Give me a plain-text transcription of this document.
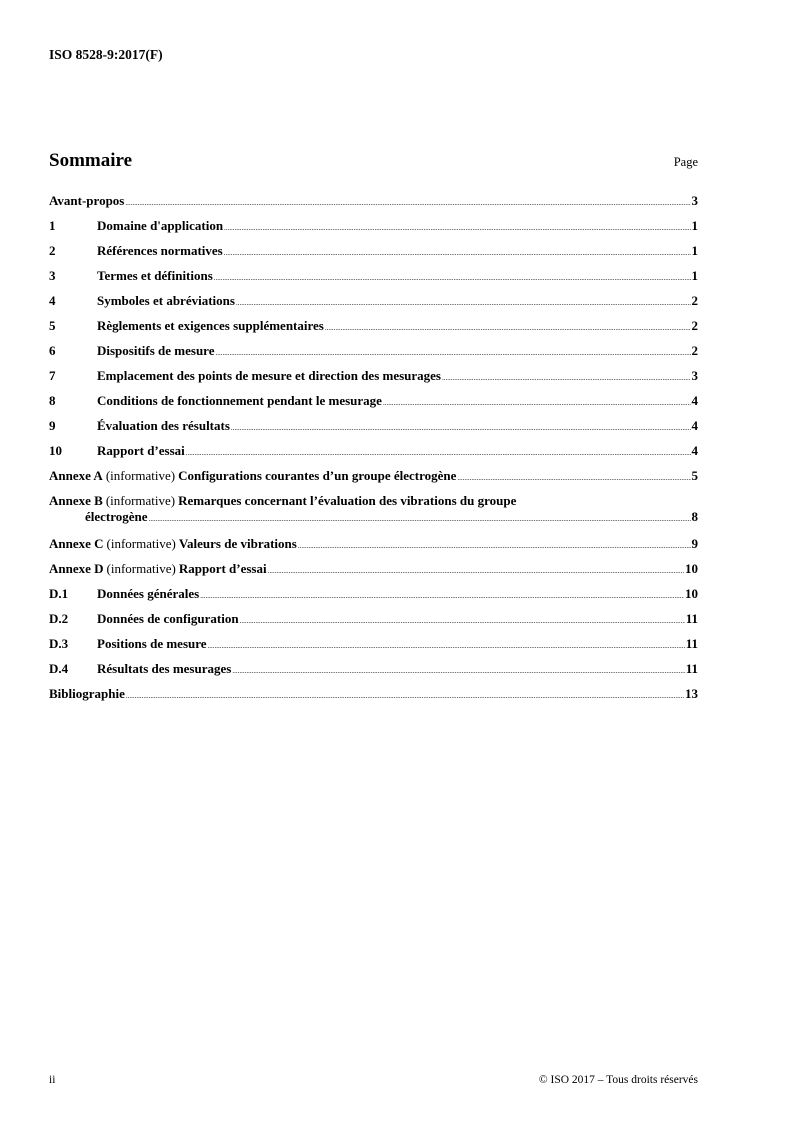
ISO 8528-9:2017(F)
Sommaire	Page
Avant-propos .....	3
1	Domaine d'application .....	1
2	Références normatives .....	1
3	Termes et définitions .....	1
4	Symboles et abréviations .....	2
5	Règlements et exigences supplémentaires .....	2
6	Dispositifs de mesure .....	2
7	Emplacement des points de mesure et direction des mesurages .....	3
8	Conditions de fonctionnement pendant le mesurage .....	4
9	Évaluation des résultats .....	4
10	Rapport d’essai .....	4
Annexe A (informative) Configurations courantes d’un groupe électrogène .....	5
Annexe B (informative) Remarques concernant l’évaluation des vibrations du groupe
électrogène .....	8
Annexe C (informative) Valeurs de vibrations .....	9
Annexe D (informative) Rapport d’essai .....	10
D.1	Données générales .....	10
D.2	Données de configuration .....	11
D.3	Positions de mesure .....	11
D.4	Résultats des mesurages .....	11
Bibliographie .....	13
ii	© ISO 2017 – Tous droits réservés
